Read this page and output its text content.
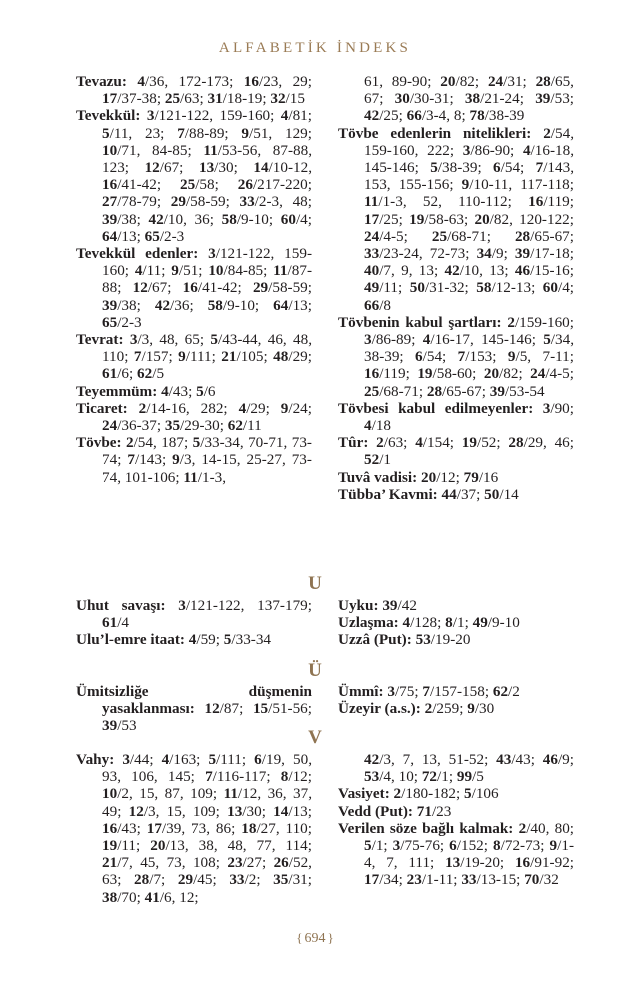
ALFABETİK İNDEKS
Tevazu: 4/36, 172-173; 16/23, 29; 17/37-38; 25/63; 31/18-19; 32/15
Tevekkül: 3/121-122, 159-160; 4/81; 5/11, 23; 7/88-89; 9/51, 129; 10/71, 84-85; 11/53-56, 87-88, 123; 12/67; 13/30; 14/10-12, 16/41-42; 25/58; 26/217-220; 27/78-79; 29/58-59; 33/2-3, 48; 39/38; 42/10, 36; 58/9-10; 60/4; 64/13; 65/2-3
Tevekkül edenler: 3/121-122, 159-160; 4/11; 9/51; 10/84-85; 11/87-88; 12/67; 16/41-42; 29/58-59; 39/38; 42/36; 58/9-10; 64/13; 65/2-3
Tevrat: 3/3, 48, 65; 5/43-44, 46, 48, 110; 7/157; 9/111; 21/105; 48/29; 61/6; 62/5
Teyemmüm: 4/43; 5/6
Ticaret: 2/14-16, 282; 4/29; 9/24; 24/36-37; 35/29-30; 62/11
Tövbe: 2/54, 187; 5/33-34, 70-71, 73-74; 7/143; 9/3, 14-15, 25-27, 73-74, 101-106; 11/1-3,
61, 89-90; 20/82; 24/31; 28/65, 67; 30/30-31; 38/21-24; 39/53; 42/25; 66/3-4, 8; 78/38-39
Tövbe edenlerin nitelikleri: 2/54, 159-160, 222; 3/86-90; 4/16-18, 145-146; 5/38-39; 6/54; 7/143, 153, 155-156; 9/10-11, 117-118; 11/1-3, 52, 110-112; 16/119; 17/25; 19/58-63; 20/82, 120-122; 24/4-5; 25/68-71; 28/65-67; 33/23-24, 72-73; 34/9; 39/17-18; 40/7, 9, 13; 42/10, 13; 46/15-16; 49/11; 50/31-32; 58/12-13; 60/4; 66/8
Tövbenin kabul şartları: 2/159-160; 3/86-89; 4/16-17, 145-146; 5/34, 38-39; 6/54; 7/153; 9/5, 7-11; 16/119; 19/58-60; 20/82; 24/4-5; 25/68-71; 28/65-67; 39/53-54
Tövbesi kabul edilmeyenler: 3/90; 4/18
Tûr: 2/63; 4/154; 19/52; 28/29, 46; 52/1
Tuvâ vadisi: 20/12; 79/16
Tübba’ Kavmi: 44/37; 50/14
U
Uhut savaşı: 3/121-122, 137-179; 61/4
Ulu’l-emre itaat: 4/59; 5/33-34
Uyku: 39/42
Uzlaşma: 4/128; 8/1; 49/9-10
Uzzâ (Put): 53/19-20
Ü
Ümitsizliğe düşmenin yasaklanması: 12/87; 15/51-56; 39/53
Ümmî: 3/75; 7/157-158; 62/2
Üzeyir (a.s.): 2/259; 9/30
V
Vahy: 3/44; 4/163; 5/111; 6/19, 50, 93, 106, 145; 7/116-117; 8/12; 10/2, 15, 87, 109; 11/12, 36, 37, 49; 12/3, 15, 109; 13/30; 14/13; 16/43; 17/39, 73, 86; 18/27, 110; 19/11; 20/13, 38, 48, 77, 114; 21/7, 45, 73, 108; 23/27; 26/52, 63; 28/7; 29/45; 33/2; 35/31; 38/70; 41/6, 12;
42/3, 7, 13, 51-52; 43/43; 46/9; 53/4, 10; 72/1; 99/5
Vasiyet: 2/180-182; 5/106
Vedd (Put): 71/23
Verilen söze bağlı kalmak: 2/40, 80; 5/1; 3/75-76; 6/152; 8/72-73; 9/1-4, 7, 111; 13/19-20; 16/91-92; 17/34; 23/1-11; 33/13-15; 70/32
{ 694 }
